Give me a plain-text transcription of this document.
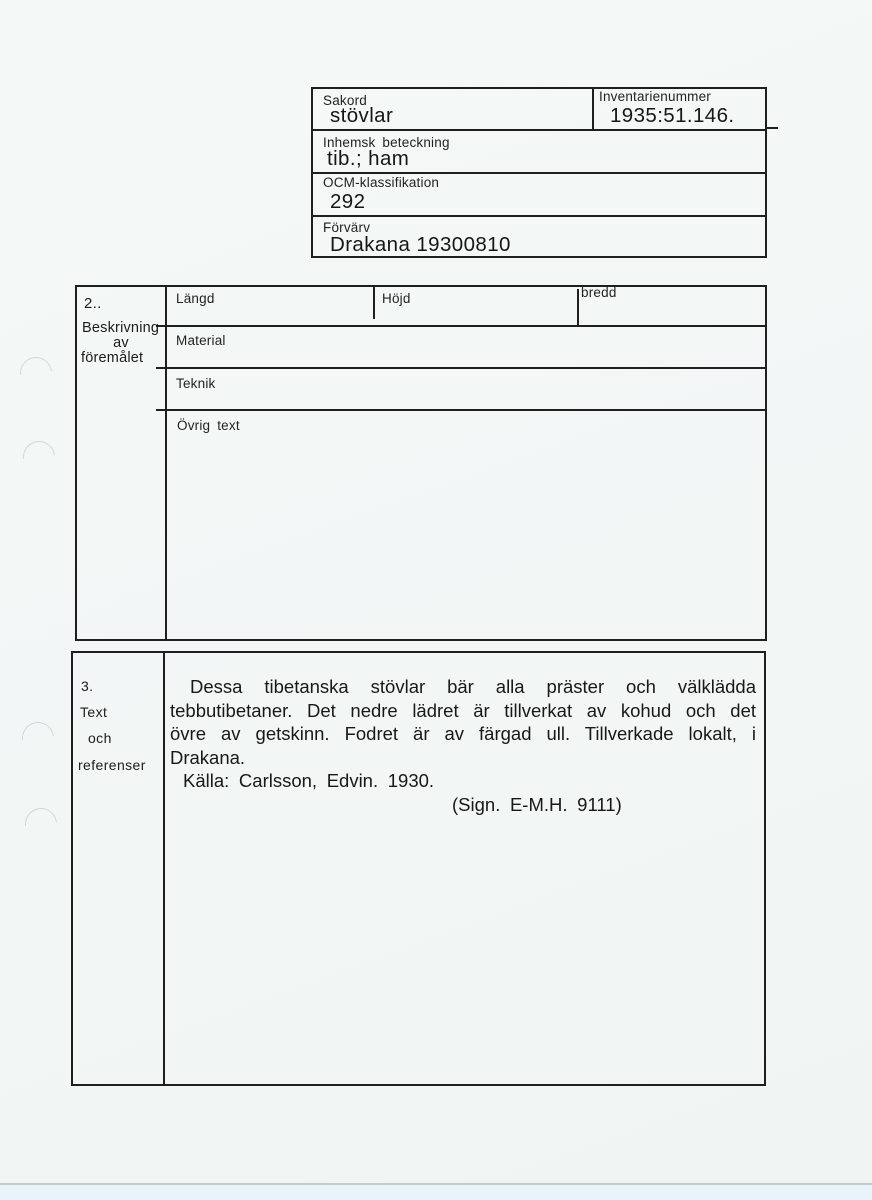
Sakord
stövlar
Inventarienummer
1935:51.146.
Inhemsk beteckning
tib.; ham
OCM-klassifikation
292
Förvärv
Drakana 19300810
2..
Beskrivning
av
föremålet
Längd	Höjd	bredd
Material
Teknik
Övrig text
3.
Text
och
referenser
Dessa tibetanska stövlar bär alla präster och välklädda
tebbutibetaner. Det nedre lädret är tillverkat av kohud och det
övre av getskinn. Fodret är av färgad ull. Tillverkade lokalt, i
Drakana.
Källa: Carlsson, Edvin. 1930.
(Sign. E-M.H. 9111)
